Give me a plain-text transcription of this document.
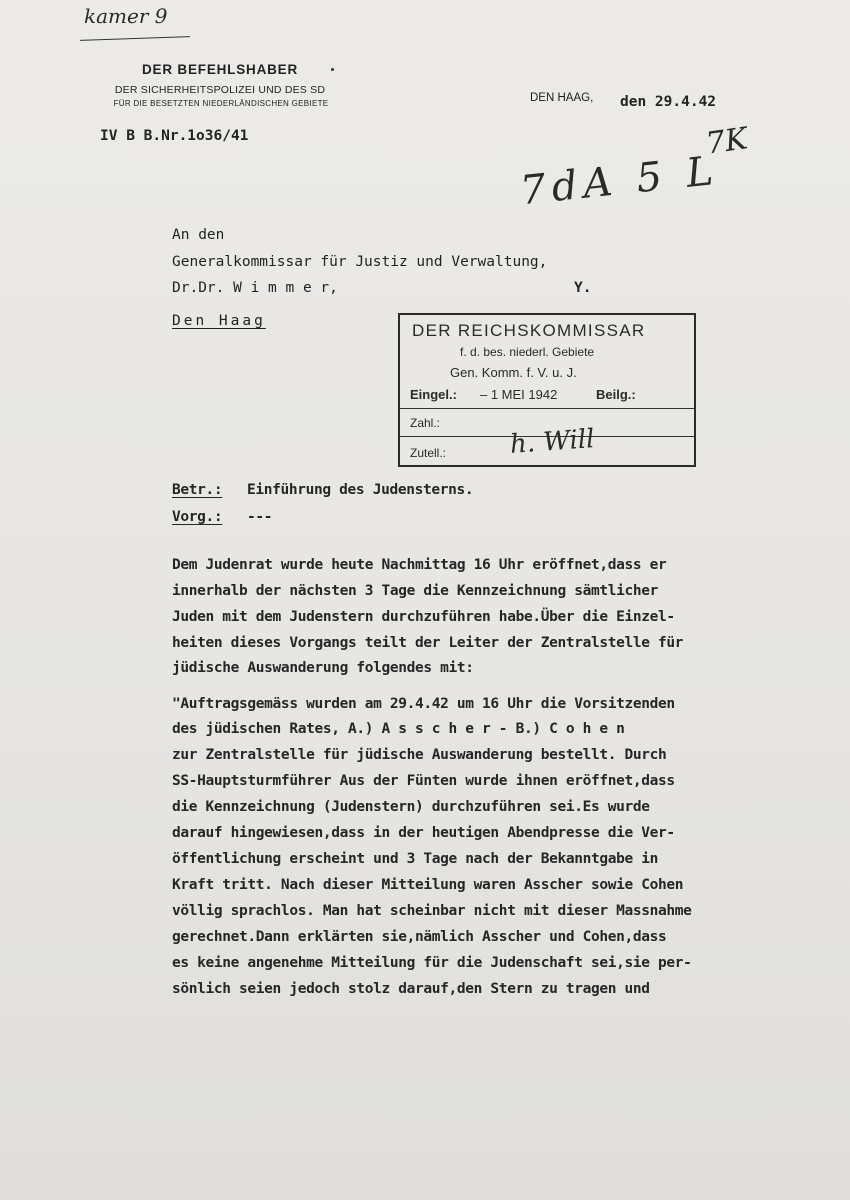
kamer 9
7K
7dA 5 L
DER BEFEHLSHABER
DER SICHERHEITSPOLIZEI UND DES SD
FÜR DIE BESETZTEN NIEDERLÄNDISCHEN GEBIETE
IV B B.Nr.1o36/41
DEN HAAG, den 29.4.42
An den
Generalkommissar für Justiz und Verwaltung,
Dr.Dr. W i m m e r,	Y.
Den Haag	DER REICHSKOMMISSAR
f. d. bes. niederl. Gebiete
Gen. Komm. f. V. u. J.
Eingel.: – 1 MEI 1942	Beilg.:
Zahl.:
Zutell.: h. Will
Betr.: Einführung des Judensterns.
Vorg.: ---
Dem Judenrat wurde heute Nachmittag 16 Uhr eröffnet,dass er
innerhalb der nächsten 3 Tage die Kennzeichnung sämtlicher
Juden mit dem Judenstern durchzuführen habe.Über die Einzel-
heiten dieses Vorgangs teilt der Leiter der Zentralstelle für
jüdische Auswanderung folgendes mit:
"Auftragsgemäss wurden am 29.4.42 um 16 Uhr die Vorsitzenden
des jüdischen Rates, A.) A s s c h e r - B.) C o h e n
zur Zentralstelle für jüdische Auswanderung bestellt. Durch
SS-Hauptsturmführer Aus der Fünten wurde ihnen eröffnet,dass
die Kennzeichnung (Judenstern) durchzuführen sei.Es wurde
darauf hingewiesen,dass in der heutigen Abendpresse die Ver-
öffentlichung erscheint und 3 Tage nach der Bekanntgabe in
Kraft tritt. Nach dieser Mitteilung waren Asscher sowie Cohen
völlig sprachlos. Man hat scheinbar nicht mit dieser Massnahme
gerechnet.Dann erklärten sie,nämlich Asscher und Cohen,dass
es keine angenehme Mitteilung für die Judenschaft sei,sie per-
sönlich seien jedoch stolz darauf,den Stern zu tragen und
